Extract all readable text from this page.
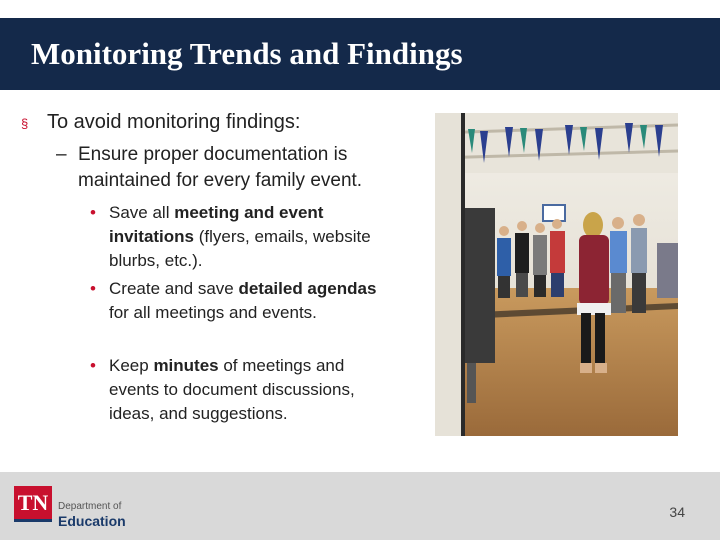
Monitoring Trends and Findings
§ To avoid monitoring findings:
– Ensure proper documentation is maintained for every family event.
• Save all meeting and event invitations (flyers, emails, website blurbs, etc.).
• Create and save detailed agendas for all meetings and events.
• Keep minutes of meetings and events to document discussions, ideas, and suggestions.
TN Department of
Education
34
